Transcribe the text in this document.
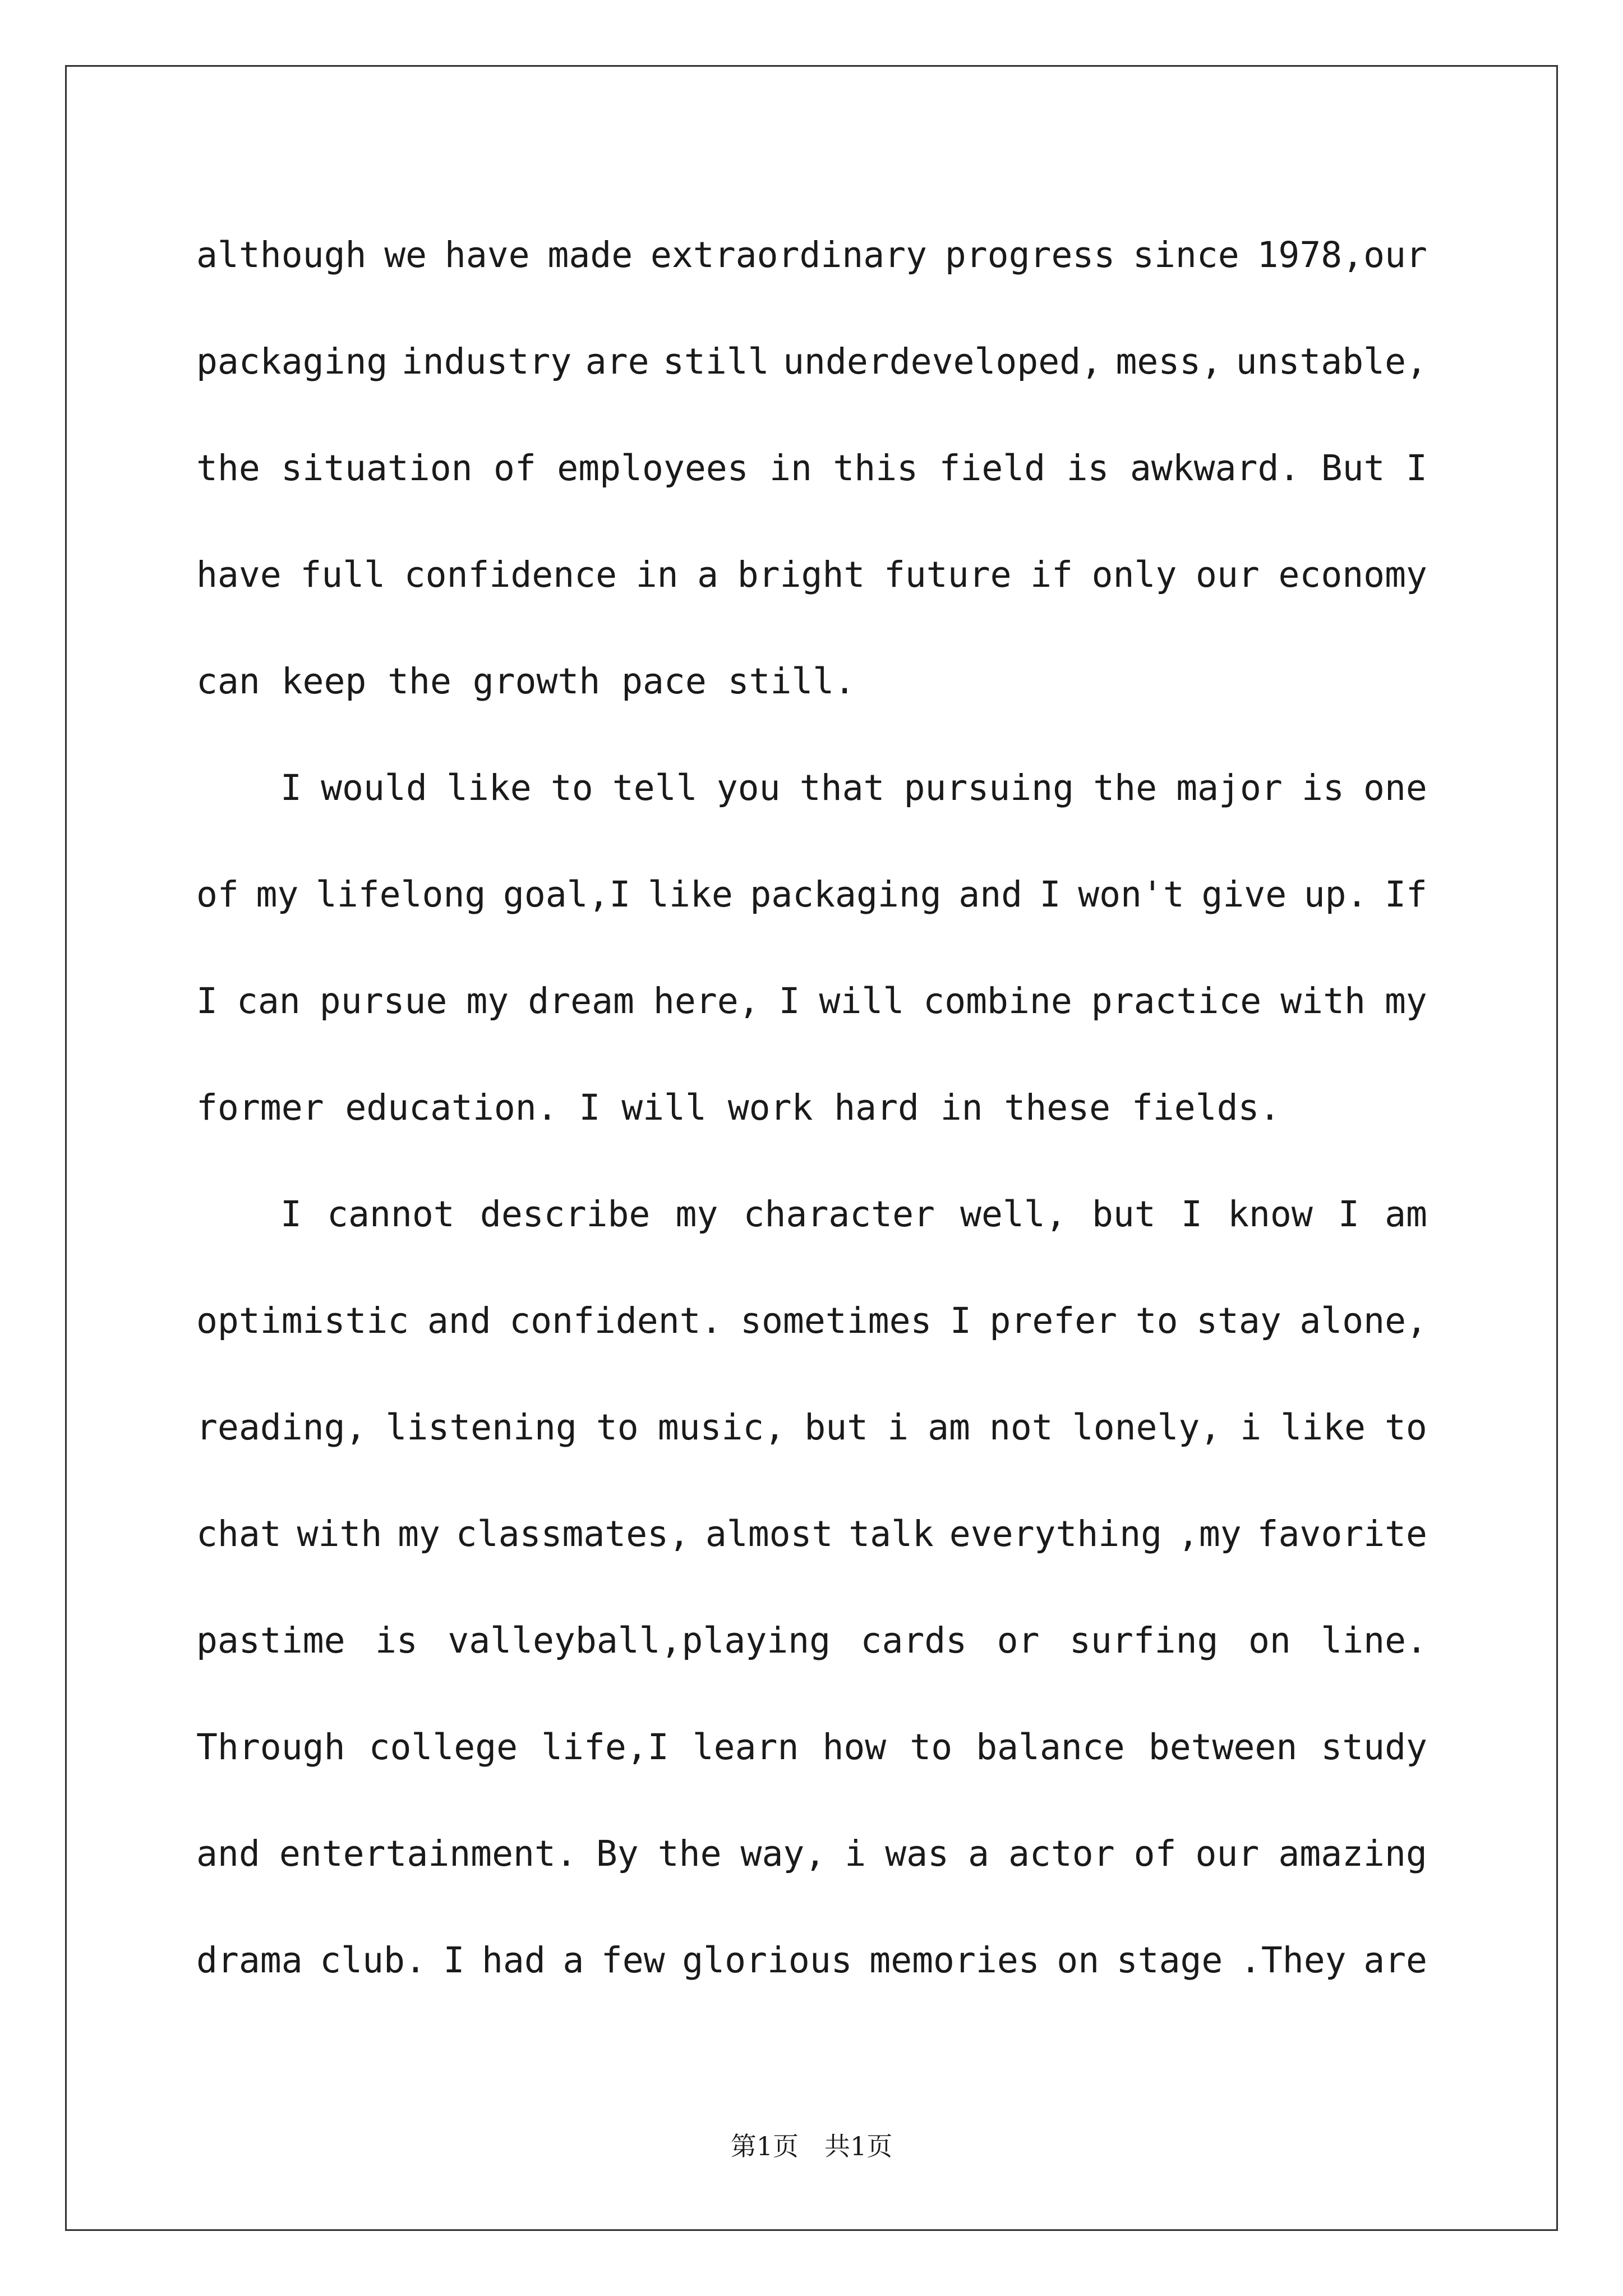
although we have made extraordinary progress since 1978,our
packaging industry are still underdeveloped, mess, unstable,
the situation of employees in this field is awkward. But I
have full confidence in a bright future if only our economy
can keep the growth pace still.
I would like to tell you that pursuing the major is one
of my lifelong goal,I like packaging and I won't give up. If
I can pursue my dream here, I will combine practice with my
former education. I will work hard in these fields.
I cannot describe my character well, but I know I am
optimistic and confident. sometimes I prefer to stay alone,
reading, listening to music, but i am not lonely, i like to
chat with my classmates, almost talk everything ,my favorite
pastime is valleyball,playing cards or surfing on line.
Through college life,I learn how to balance between study
and entertainment. By the way, i was a actor of our amazing
drama club. I had a few glorious memories on stage .They are
第1页　共1页
